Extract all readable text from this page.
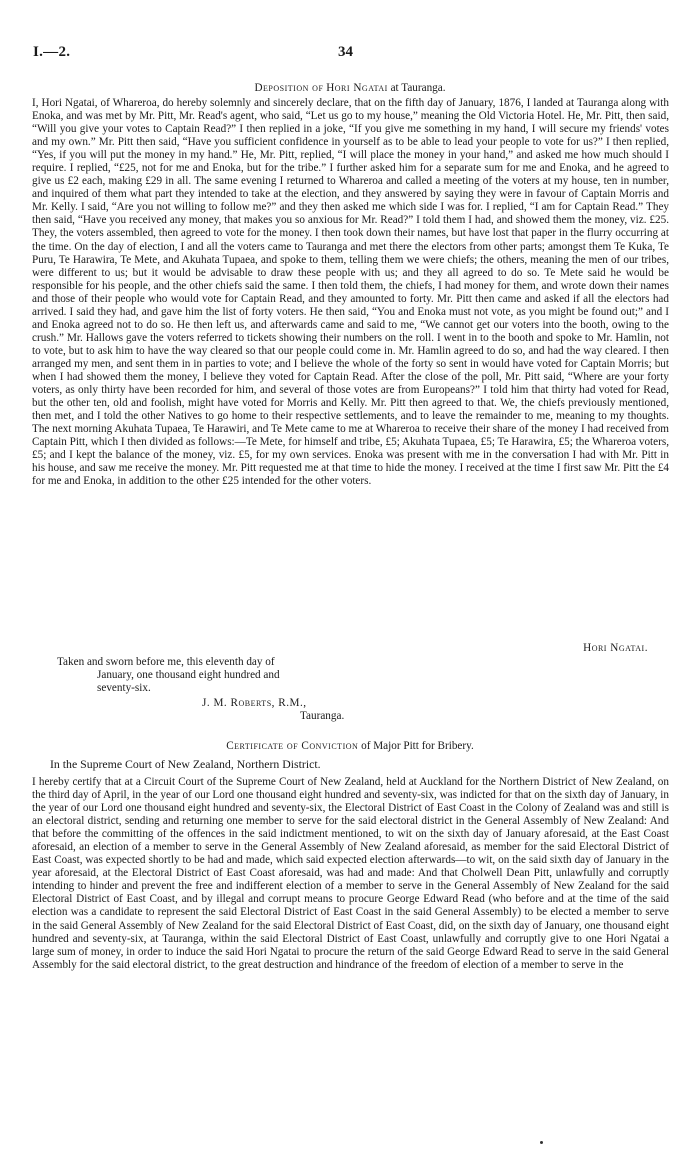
I.—2.	34
Deposition of Hori Ngatai at Tauranga.

I, Hori Ngatai, of Whareroa, do hereby solemnly and sincerely declare, that on the fifth day of January, 1876, I landed at Tauranga along with Enoka, and was met by Mr. Pitt, Mr. Read's agent, who said, “Let us go to my house,” meaning the Old Victoria Hotel. He, Mr. Pitt, then said, “Will you give your votes to Captain Read?” I then replied in a joke, “If you give me something in my hand, I will secure my friends' votes and my own.” Mr. Pitt then said, “Have you sufficient confidence in yourself as to be able to lead your people to vote for us?” I then replied, “Yes, if you will put the money in my hand.” He, Mr. Pitt, replied, “I will place the money in your hand,” and asked me how much should I require. I replied, “£25, not for me and Enoka, but for the tribe.” I further asked him for a separate sum for me and Enoka, and he agreed to give us £2 each, making £29 in all. The same evening I returned to Whareroa and called a meeting of the voters at my house, ten in number, and inquired of them what part they intended to take at the election, and they answered by saying they were in favour of Captain Morris and Mr. Kelly. I said, “Are you not willing to follow me?” and they then asked me which side I was for. I replied, “I am for Captain Read.” They then said, “Have you received any money, that makes you so anxious for Mr. Read?” I told them I had, and showed them the money, viz. £25. They, the voters assembled, then agreed to vote for the money. I then took down their names, but have lost that paper in the flurry occurring at the time. On the day of election, I and all the voters came to Tauranga and met there the electors from other parts; amongst them Te Kuka, Te Puru, Te Harawira, Te Mete, and Akuhata Tupaea, and spoke to them, telling them we were chiefs; the others, meaning the men of our tribes, were different to us; but it would be advisable to draw these people with us; and they all agreed to do so. Te Mete said he would be responsible for his people, and the other chiefs said the same. I then told them, the chiefs, I had money for them, and wrote down their names and those of their people who would vote for Captain Read, and they amounted to forty. Mr. Pitt then came and asked if all the electors had arrived. I said they had, and gave him the list of forty voters. He then said, “You and Enoka must not vote, as you might be found out;” and I and Enoka agreed not to do so. He then left us, and afterwards came and said to me, “We cannot get our voters into the booth, owing to the crush.” Mr. Hallows gave the voters referred to tickets showing their numbers on the roll. I went in to the booth and spoke to Mr. Hamlin, not to vote, but to ask him to have the way cleared so that our people could come in. Mr. Hamlin agreed to do so, and had the way cleared. I then arranged my men, and sent them in in parties to vote; and I believe the whole of the forty so sent in would have voted for Captain Morris; but when I had showed them the money, I believe they voted for Captain Read. After the close of the poll, Mr. Pitt said, “Where are your forty voters, as only thirty have been recorded for him, and several of those votes are from Europeans?” I told him that thirty had voted for Read, but the other ten, old and foolish, might have voted for Morris and Kelly. Mr. Pitt then agreed to that. We, the chiefs previously mentioned, then met, and I told the other Natives to go home to their respective settlements, and to leave the remainder to me, meaning to my thoughts. The next morning Akuhata Tupaea, Te Harawiri, and Te Mete came to me at Whareroa to receive their share of the money I had received from Captain Pitt, which I then divided as follows:—Te Mete, for himself and tribe, £5; Akuhata Tupaea, £5; Te Harawira, £5; the Whareroa voters, £5; and I kept the balance of the money, viz. £5, for my own services. Enoka was present with me in the conversation I had with Mr. Pitt in his house, and saw me receive the money. Mr. Pitt requested me at that time to hide the money. I received at the time I first saw Mr. Pitt the £4 for me and Enoka, in addition to the other £25 intended for the other voters.

Hori Ngatai.
Taken and sworn before me, this eleventh day of
January, one thousand eight hundred and
seventy-six.
J. M. Roberts, R.M.,
Tauranga.
Certificate of Conviction of Major Pitt for Bribery.
In the Supreme Court of New Zealand, Northern District.

I hereby certify that at a Circuit Court of the Supreme Court of New Zealand, held at Auckland for the Northern District of New Zealand, on the third day of April, in the year of our Lord one thousand eight hundred and seventy-six, was indicted for that on the sixth day of January, in the year of our Lord one thousand eight hundred and seventy-six, the Electoral District of East Coast in the Colony of Zealand was and still is an electoral district, sending and returning one member to serve for the said electoral district in the General Assembly of New Zealand: And that before the committing of the offences in the said indictment mentioned, to wit on the sixth day of January aforesaid, at the East Coast aforesaid, an election of a member to serve in the General Assembly of New Zealand aforesaid, as member for the said Electoral District of East Coast, was expected shortly to be had and made, which said expected election afterwards—to wit, on the said sixth day of January in the year aforesaid, at the Electoral District of East Coast aforesaid, was had and made: And that Cholwell Dean Pitt, unlawfully and corruptly intending to hinder and prevent the free and indifferent election of a member to serve in the General Assembly of New Zealand for the said Electoral District of East Coast, and by illegal and corrupt means to procure George Edward Read (who before and at the time of the said election was a candidate to represent the said Electoral District of East Coast in the said General Assembly) to be elected a member to serve in the said General Assembly of New Zealand for the said Electoral District of East Coast, did, on the sixth day of January, one thousand eight hundred and seventy-six, at Tauranga, within the said Electoral District of East Coast, unlawfully and corruptly give to one Hori Ngatai a large sum of money, in order to induce the said Hori Ngatai to procure the return of the said George Edward Read to serve in the said General Assembly for the said electoral district, to the great destruction and hindrance of the freedom of election of a member to serve in the
